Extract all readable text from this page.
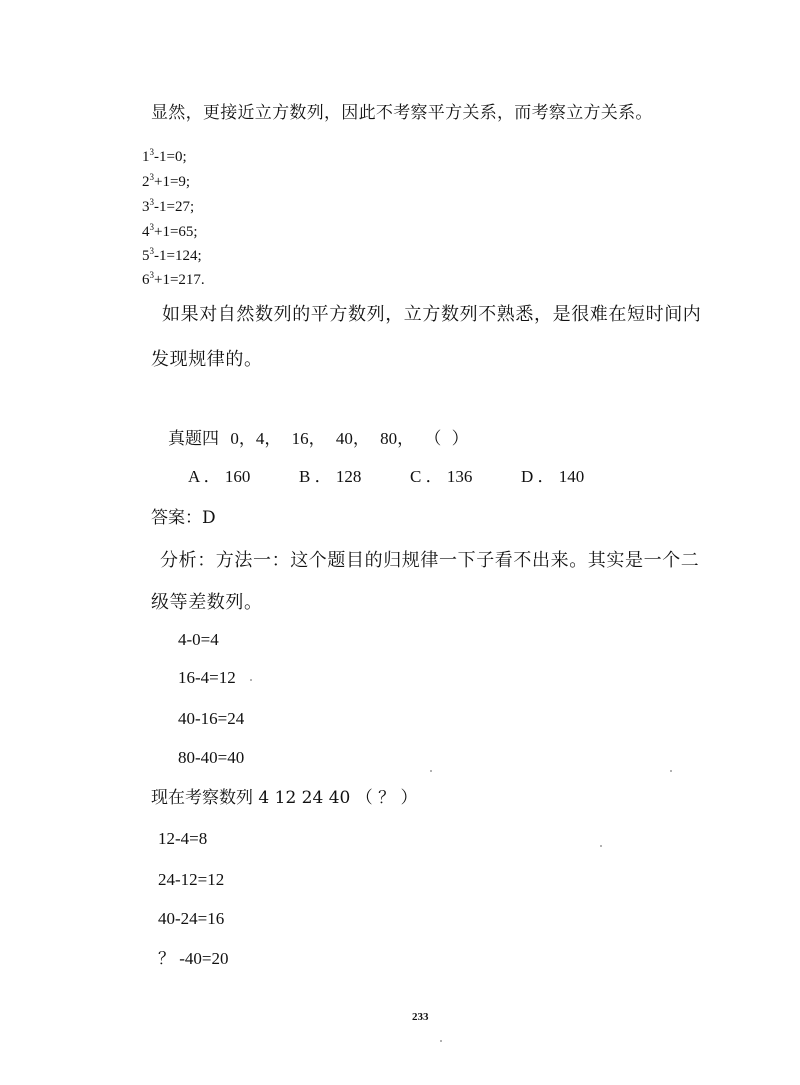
显然，更接近立方数列，因此不考察平方关系，而考察立方关系。
$1^3-1=0$;
$2^3+1=9$;
$3^3-1=27$;
$4^3+1=65$;
$5^3-1=124$;
$6^3+1=217$.
如果对自然数列的平方数列，立方数列不熟悉，是很难在短时间内
发现规律的。
真题四 0，4， 16， 40， 80， （ ）
A ． 160	B ． 128	C ． 136	D ． 140
答案：D
分析：方法一：这个题目的归规律一下子看不出来。其实是一个二
级等差数列。
4-0=4
16-4=12
40-16=24
80-40=40
现在考察数列 4 12 24 40 （ ？ ）
12-4=8
24-12=12
40-24=16
？ -40=20
233
